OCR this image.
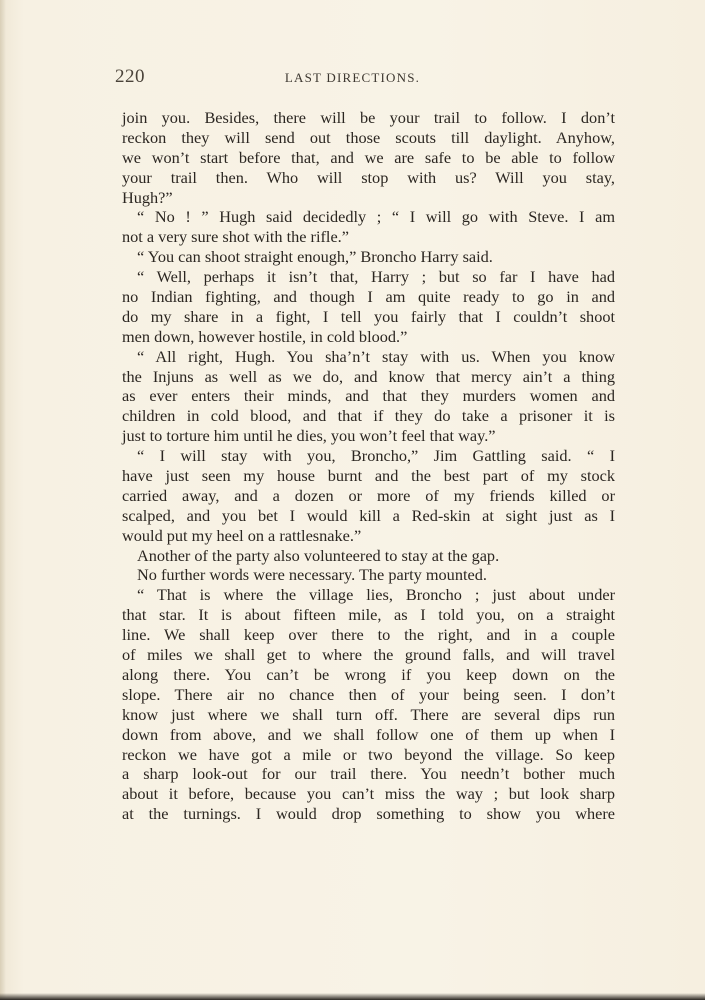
220	LAST DIRECTIONS.
join you. Besides, there will be your trail to follow. I don’t
reckon they will send out those scouts till daylight. Anyhow,
we won’t start before that, and we are safe to be able to follow
your trail then. Who will stop with us? Will you stay,
Hugh?”
“ No ! ” Hugh said decidedly ; “ I will go with Steve. I am
not a very sure shot with the rifle.”
“ You can shoot straight enough,” Broncho Harry said.
“ Well, perhaps it isn’t that, Harry ; but so far I have had
no Indian fighting, and though I am quite ready to go in and
do my share in a fight, I tell you fairly that I couldn’t shoot
men down, however hostile, in cold blood.”
“ All right, Hugh. You sha’n’t stay with us. When you know
the Injuns as well as we do, and know that mercy ain’t a thing
as ever enters their minds, and that they murders women and
children in cold blood, and that if they do take a prisoner it is
just to torture him until he dies, you won’t feel that way.”
“ I will stay with you, Broncho,” Jim Gattling said. “ I
have just seen my house burnt and the best part of my stock
carried away, and a dozen or more of my friends killed or
scalped, and you bet I would kill a Red-skin at sight just as I
would put my heel on a rattlesnake.”
Another of the party also volunteered to stay at the gap.
No further words were necessary. The party mounted.
“ That is where the village lies, Broncho ; just about under
that star. It is about fifteen mile, as I told you, on a straight
line. We shall keep over there to the right, and in a couple
of miles we shall get to where the ground falls, and will travel
along there. You can’t be wrong if you keep down on the
slope. There air no chance then of your being seen. I don’t
know just where we shall turn off. There are several dips run
down from above, and we shall follow one of them up when I
reckon we have got a mile or two beyond the village. So keep
a sharp look-out for our trail there. You needn’t bother much
about it before, because you can’t miss the way ; but look sharp
at the turnings. I would drop something to show you where
